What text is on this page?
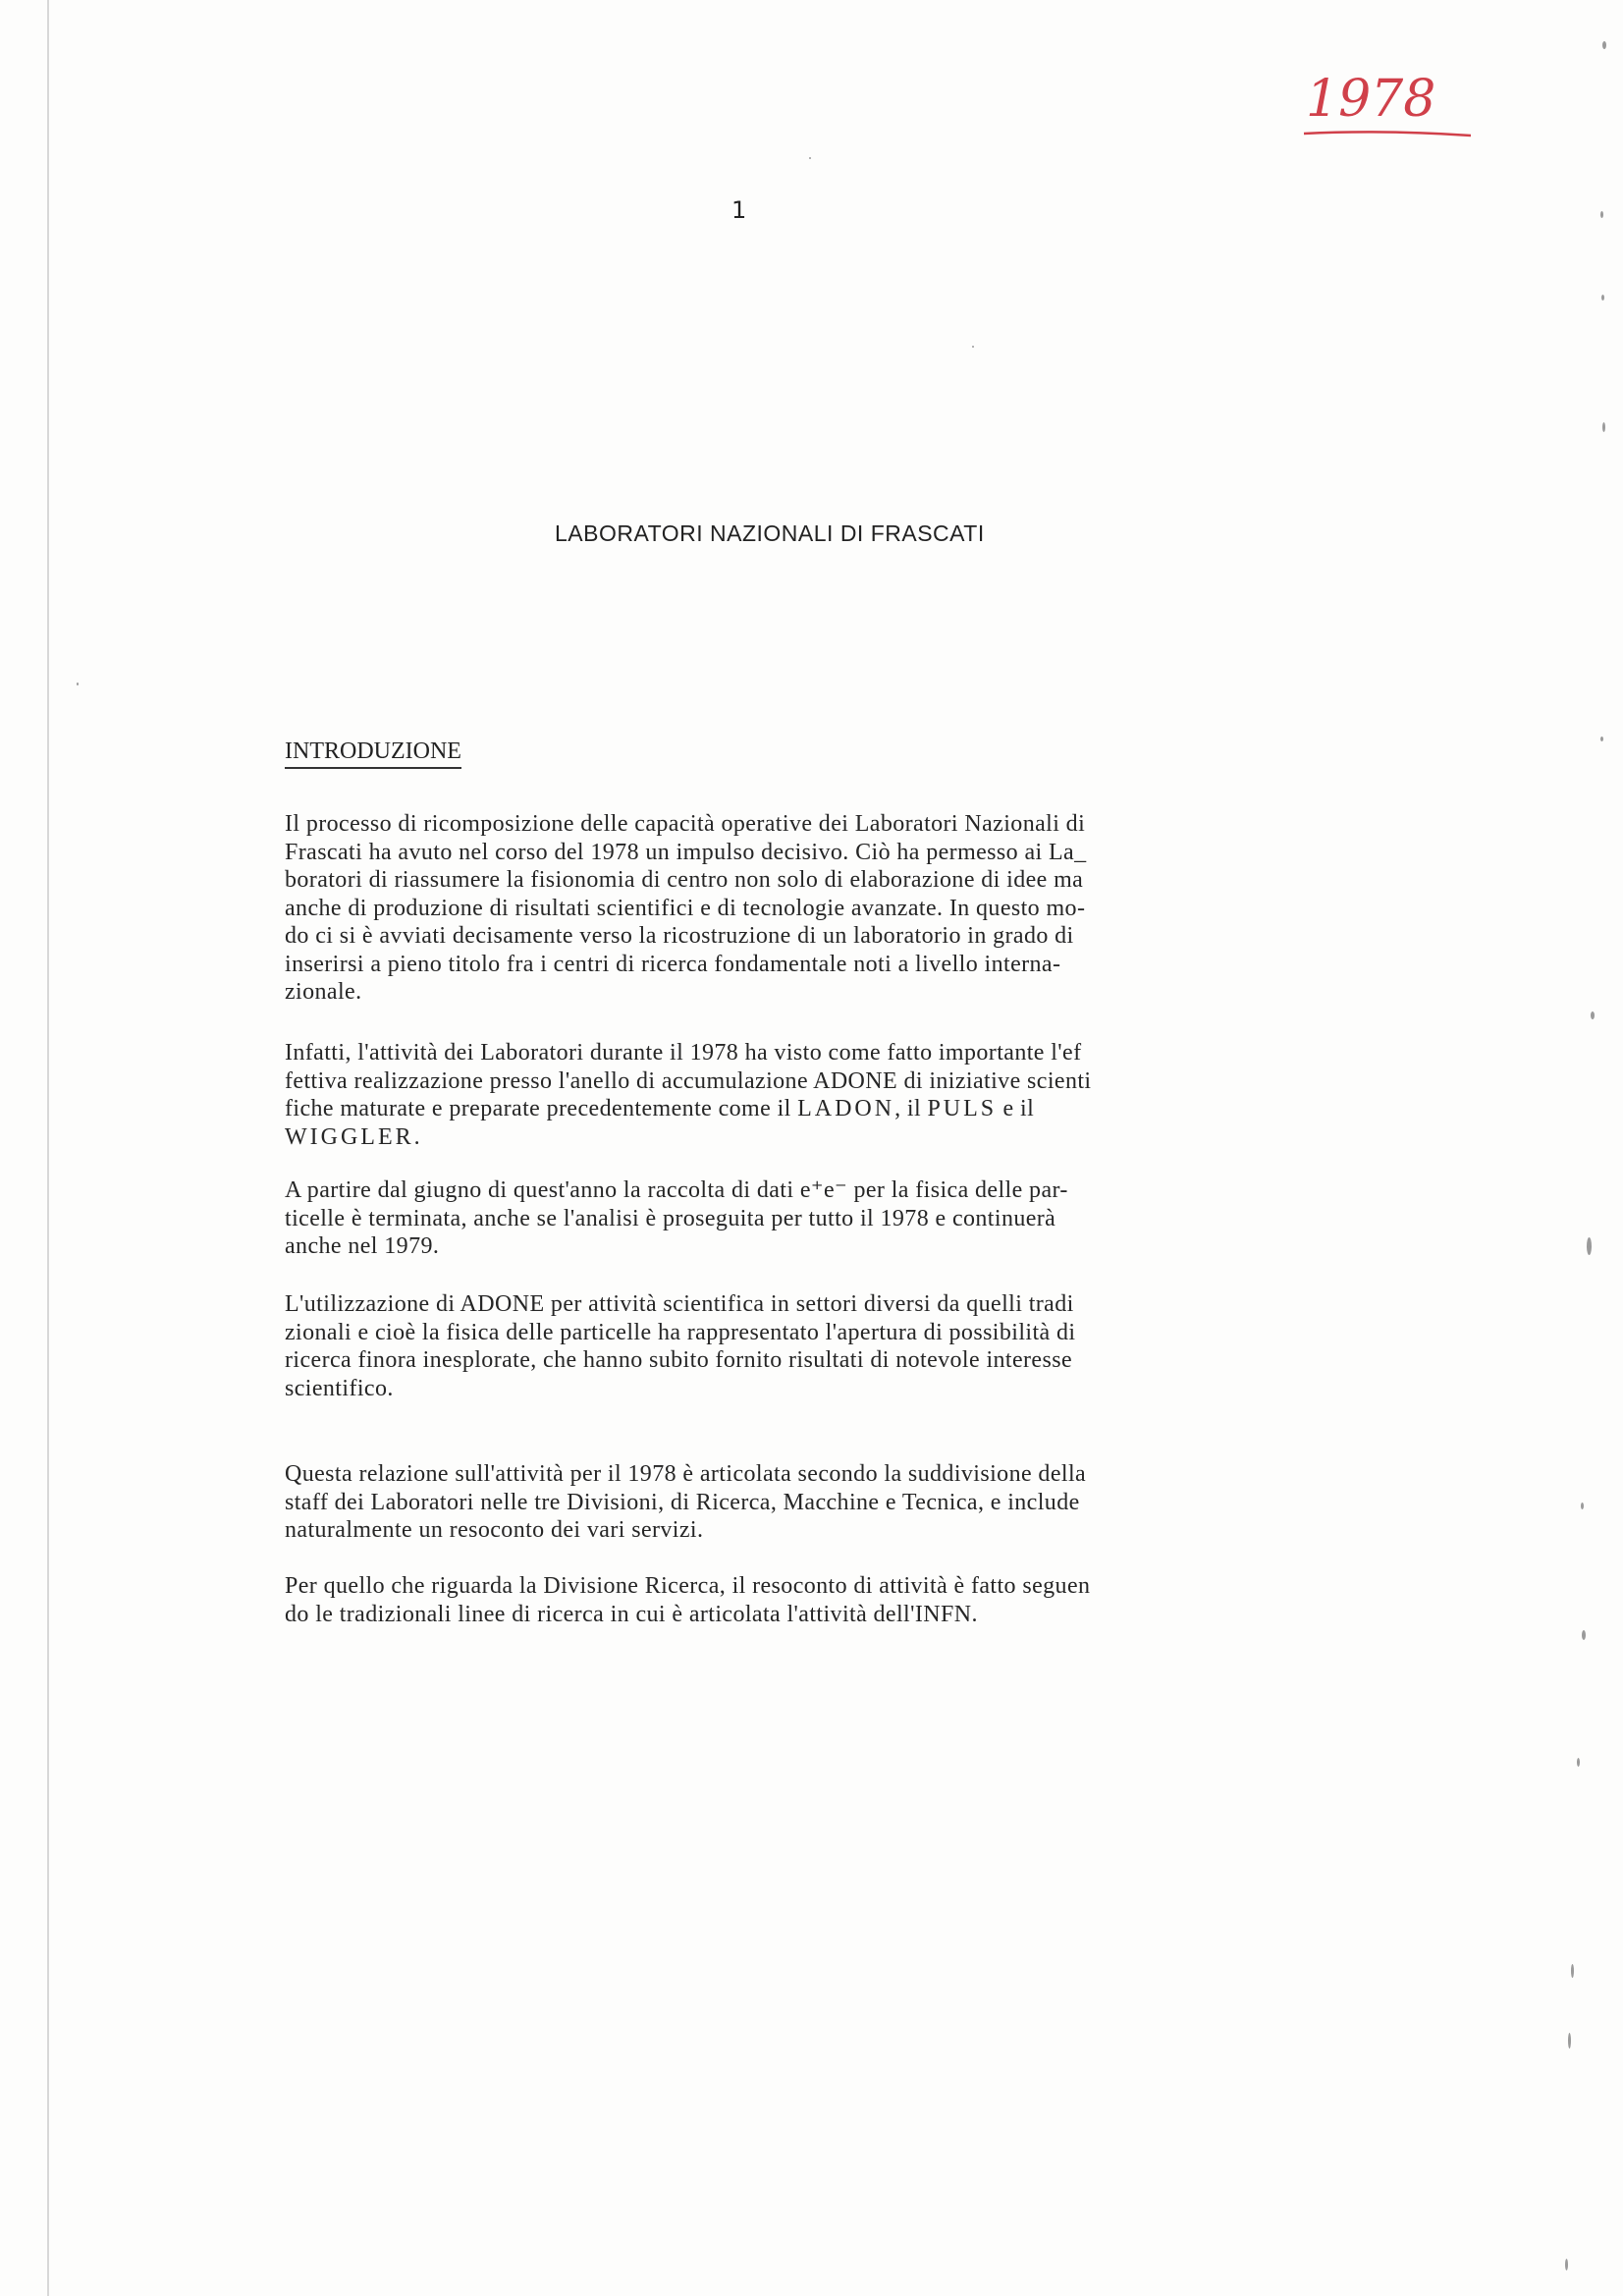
1978
1
LABORATORI NAZIONALI DI FRASCATI
INTRODUZIONE
Il processo di ricomposizione delle capacità operative dei Laboratori Nazionali di
Frascati ha avuto nel corso del 1978 un impulso decisivo. Ciò ha permesso ai La_
boratori di riassumere la fisionomia di centro non solo di elaborazione di idee ma
anche di produzione di risultati scientifici e di tecnologie avanzate. In questo mo-
do ci si è avviati decisamente verso la ricostruzione di un laboratorio in grado di
inserirsi a pieno titolo fra i centri di ricerca fondamentale noti a livello interna-
zionale.
Infatti, l'attività dei Laboratori durante il 1978 ha visto come fatto importante l'ef
fettiva realizzazione presso l'anello di accumulazione ADONE di iniziative scienti
fiche maturate e preparate precedentemente come il LADON, il PULS e il
WIGGLER.
A partire dal giugno di quest'anno la raccolta di dati e⁺e⁻ per la fisica delle par-
ticelle è terminata, anche se l'analisi è proseguita per tutto il 1978 e continuerà
anche nel 1979.
L'utilizzazione di ADONE per attività scientifica in settori diversi da quelli tradi
zionali e cioè la fisica delle particelle ha rappresentato l'apertura di possibilità di
ricerca finora inesplorate, che hanno subito fornito risultati di notevole interesse
scientifico.
Questa relazione sull'attività per il 1978 è articolata secondo la suddivisione della
staff dei Laboratori nelle tre Divisioni, di Ricerca, Macchine e Tecnica, e include
naturalmente un resoconto dei vari servizi.
Per quello che riguarda la Divisione Ricerca, il resoconto di attività è fatto seguen
do le tradizionali linee di ricerca in cui è articolata l'attività dell'INFN.
